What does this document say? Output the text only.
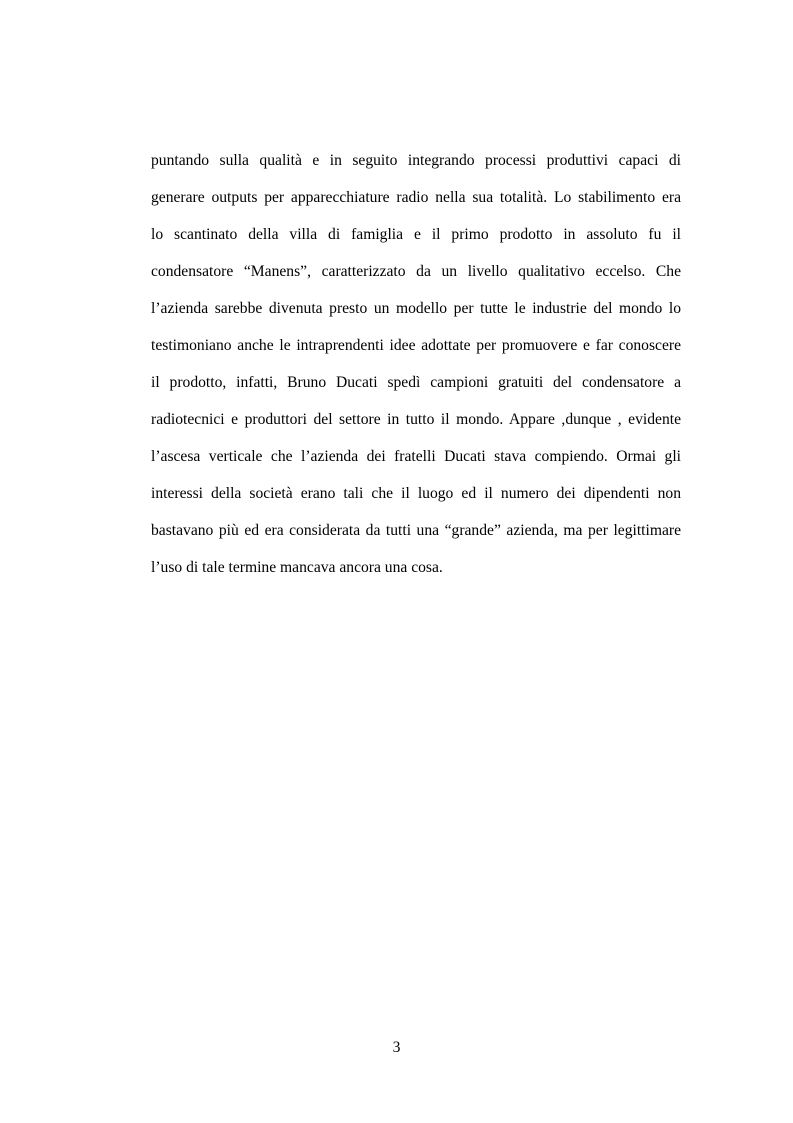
puntando sulla qualità e in seguito integrando processi produttivi capaci di
generare outputs per apparecchiature radio nella sua totalità. Lo stabilimento era
lo scantinato della villa di famiglia e il primo prodotto in assoluto fu il
condensatore “Manens”, caratterizzato da un livello qualitativo eccelso. Che
l’azienda sarebbe divenuta presto un modello per tutte le industrie del mondo lo
testimoniano anche le intraprendenti idee adottate per promuovere e far conoscere
il prodotto, infatti, Bruno Ducati spedì campioni gratuiti del condensatore a
radiotecnici e produttori del settore in tutto il mondo. Appare ,dunque , evidente
l’ascesa verticale che l’azienda dei fratelli Ducati stava compiendo. Ormai gli
interessi della società erano tali che il luogo ed il numero dei dipendenti non
bastavano più ed era considerata da tutti una “grande” azienda, ma per legittimare
l’uso di tale termine mancava ancora una cosa.

3
